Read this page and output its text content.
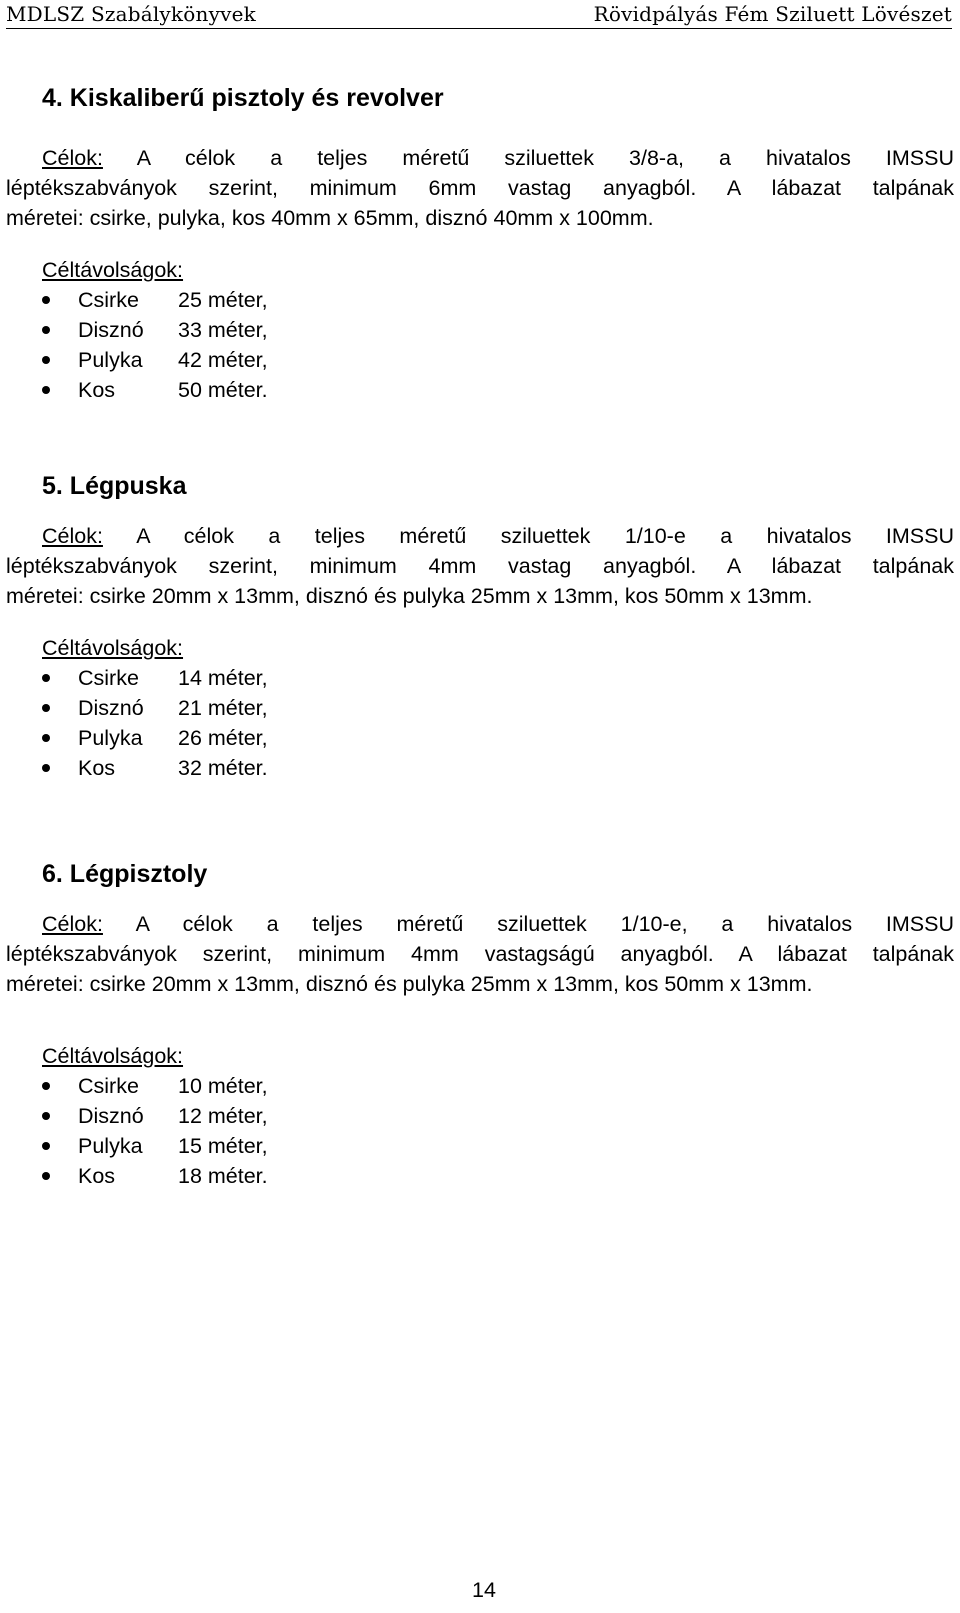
MDLSZ Szabálykönyvek	Rövidpályás Fém Sziluett Lövészet
4. Kiskaliberű pisztoly és revolver
Célok: A célok a teljes méretű sziluettek 3/8-a, a hivatalos IMSSU
léptékszabványok szerint, minimum 6mm vastag anyagból. A lábazat talpának
méretei: csirke, pulyka, kos 40mm x 65mm, disznó 40mm x 100mm.
Céltávolságok:
Csirke 25 méter,
Disznó 33 méter,
Pulyka 42 méter,
Kos	50 méter.
5. Légpuska
Célok: A célok a teljes méretű sziluettek 1/10-e a hivatalos IMSSU
léptékszabványok szerint, minimum 4mm vastag anyagból. A lábazat talpának
méretei: csirke 20mm x 13mm, disznó és pulyka 25mm x 13mm, kos 50mm x 13mm.
Céltávolságok:
Csirke 14 méter,
Disznó 21 méter,
Pulyka 26 méter,
Kos	32 méter.
6. Légpisztoly
Célok: A célok a teljes méretű sziluettek 1/10-e, a hivatalos IMSSU
léptékszabványok szerint, minimum 4mm vastagságú anyagból. A lábazat talpának
méretei: csirke 20mm x 13mm, disznó és pulyka 25mm x 13mm, kos 50mm x 13mm.
Céltávolságok:
Csirke 10 méter,
Disznó 12 méter,
Pulyka 15 méter,
Kos	18 méter.
14
